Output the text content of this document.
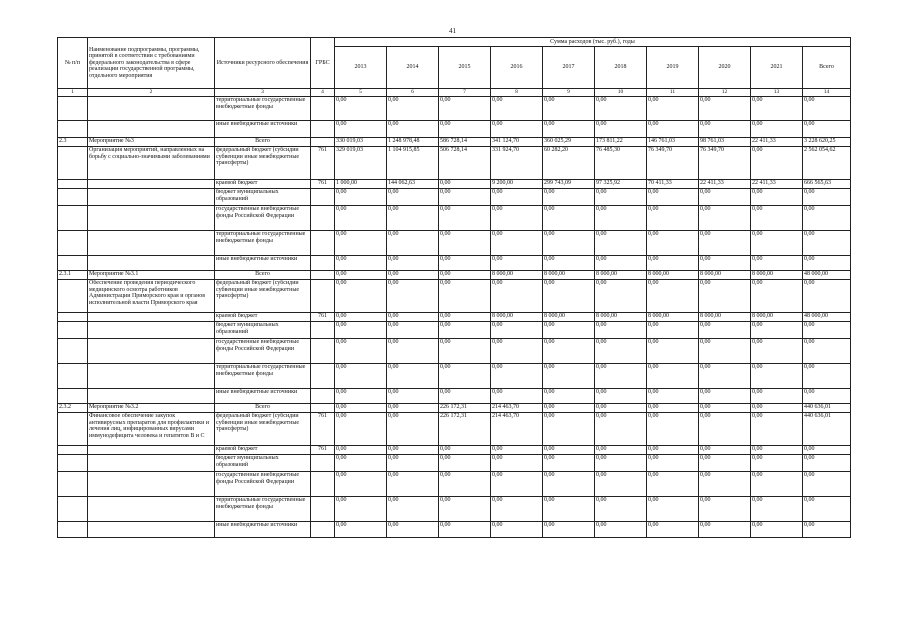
41
№ п/п	Наименование подпрограммы, программы, принятой в соответствии с требованиями федерального законодательства в сфере реализации государственной программы, отдельного мероприятия	Источники ресурсного обеспечения	ГРБС	Сумма расходов (тыс. руб.), годы									
				2013	2014	2015	2016	2017	2018	2019	2020	2021	Всего
1	2	3	4	5	6	7	8	9	10	11	12	13	14
		территориальные государственные внебюджетные фонды		0,00	0,00	0,00	0,00	0,00	0,00	0,00	0,00	0,00	0,00
		иные внебюджетные источники		0,00	0,00	0,00	0,00	0,00	0,00	0,00	0,00	0,00	0,00
2.3	Мероприятие №3	Всего		330 019,03	1 248 978,48	586 728,14	341 124,70	360 025,29	173 811,22	146 761,03	98 761,03	22 411,33	3 228 620,25
	Организация мероприятий, направленных на борьбу с социально-значимыми заболеваниями	федеральный бюджет (субсидии субвенции иные межбюджетные трансферты)	761	329 019,03	1 104 915,85	506 728,14	331 924,70	60 282,20	76 485,30	76 349,70	76 349,70	0,00	2 562 054,62
		краевой бюджет	761	1 000,00	144 062,63	0,00	9 200,00	299 743,09	97 325,92	70 411,33	22 411,33	22 411,33	666 565,63
		бюджет муниципальных образований		0,00	0,00	0,00	0,00	0,00	0,00	0,00	0,00	0,00	0,00
		государственные внебюджетные фонды Российской Федерации		0,00	0,00	0,00	0,00	0,00	0,00	0,00	0,00	0,00	0,00
		территориальные государственные внебюджетные фонды		0,00	0,00	0,00	0,00	0,00	0,00	0,00	0,00	0,00	0,00
		иные внебюджетные источники		0,00	0,00	0,00	0,00	0,00	0,00	0,00	0,00	0,00	0,00
2.3.1	Мероприятие №3.1	Всего		0,00	0,00	0,00	8 000,00	8 000,00	8 000,00	8 000,00	8 000,00	8 000,00	48 000,00
	Обеспечение проведения периодического медицинского осмотра работников Администрации Приморского края и органов исполнительной власти Приморского края	федеральный бюджет (субсидии субвенции иные межбюджетные трансферты)		0,00	0,00	0,00	0,00	0,00	0,00	0,00	0,00	0,00	0,00
		краевой бюджет	761	0,00	0,00	0,00	8 000,00	8 000,00	8 000,00	8 000,00	8 000,00	8 000,00	48 000,00
		бюджет муниципальных образований		0,00	0,00	0,00	0,00	0,00	0,00	0,00	0,00	0,00	0,00
		государственные внебюджетные фонды Российской Федерации		0,00	0,00	0,00	0,00	0,00	0,00	0,00	0,00	0,00	0,00
		территориальные государственные внебюджетные фонды		0,00	0,00	0,00	0,00	0,00	0,00	0,00	0,00	0,00	0,00
		иные внебюджетные источники		0,00	0,00	0,00	0,00	0,00	0,00	0,00	0,00	0,00	0,00
2.3.2	Мероприятие №3.2	Всего		0,00	0,00	226 172,31	214 463,70	0,00	0,00	0,00	0,00	0,00	440 636,01
	Финансовое обеспечение закупок антивирусных препаратов для профилактики и лечения лиц, инфицированных вирусами иммунодефицита человека и гепатитов В и С	федеральный бюджет (субсидии субвенции иные межбюджетные трансферты)	761	0,00	0,00	226 172,31	214 463,70	0,00	0,00	0,00	0,00	0,00	440 636,01
		краевой бюджет	761	0,00	0,00	0,00	0,00	0,00	0,00	0,00	0,00	0,00	0,00
		бюджет муниципальных образований		0,00	0,00	0,00	0,00	0,00	0,00	0,00	0,00	0,00	0,00
		государственные внебюджетные фонды Российской Федерации		0,00	0,00	0,00	0,00	0,00	0,00	0,00	0,00	0,00	0,00
		территориальные государственные внебюджетные фонды		0,00	0,00	0,00	0,00	0,00	0,00	0,00	0,00	0,00	0,00
		иные внебюджетные источники		0,00	0,00	0,00	0,00	0,00	0,00	0,00	0,00	0,00	0,00
